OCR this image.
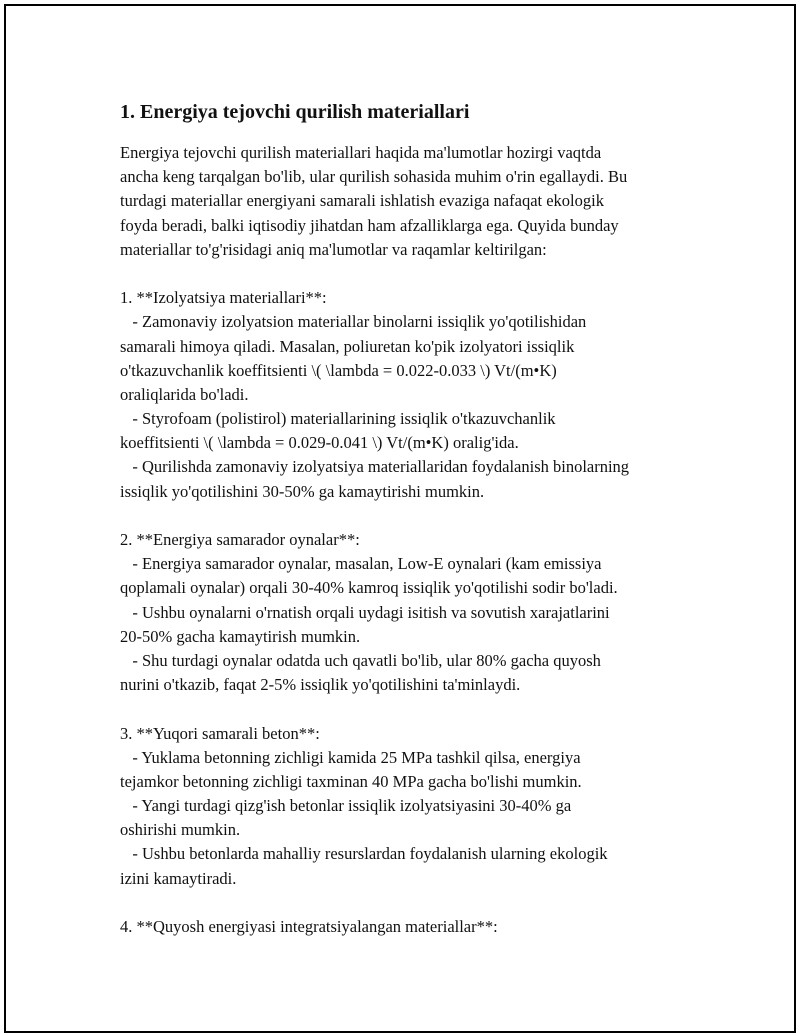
1. Energiya tejovchi qurilish materiallari
Energiya tejovchi qurilish materiallari haqida ma'lumotlar hozirgi vaqtda
ancha keng tarqalgan bo'lib, ular qurilish sohasida muhim o'rin egallaydi. Bu
turdagi materiallar energiyani samarali ishlatish evaziga nafaqat ekologik
foyda beradi, balki iqtisodiy jihatdan ham afzalliklarga ega. Quyida bunday
materiallar to'g'risidagi aniq ma'lumotlar va raqamlar keltirilgan:
1. **Izolyatsiya materiallari**:
- Zamonaviy izolyatsion materiallar binolarni issiqlik yo'qotilishidan
samarali himoya qiladi. Masalan, poliuretan ko'pik izolyatori issiqlik
o'tkazuvchanlik koeffitsienti \( \lambda = 0.022-0.033 \) Vt/(m•K)
oraliqlarida bo'ladi.
- Styrofoam (polistirol) materiallarining issiqlik o'tkazuvchanlik
koeffitsienti \( \lambda = 0.029-0.041 \) Vt/(m•K) oralig'ida.
- Qurilishda zamonaviy izolyatsiya materiallaridan foydalanish binolarning
issiqlik yo'qotilishini 30-50% ga kamaytirishi mumkin.
2. **Energiya samarador oynalar**:
- Energiya samarador oynalar, masalan, Low-E oynalari (kam emissiya
qoplamali oynalar) orqali 30-40% kamroq issiqlik yo'qotilishi sodir bo'ladi.
- Ushbu oynalarni o'rnatish orqali uydagi isitish va sovutish xarajatlarini
20-50% gacha kamaytirish mumkin.
- Shu turdagi oynalar odatda uch qavatli bo'lib, ular 80% gacha quyosh
nurini o'tkazib, faqat 2-5% issiqlik yo'qotilishini ta'minlaydi.
3. **Yuqori samarali beton**:
- Yuklama betonning zichligi kamida 25 MPa tashkil qilsa, energiya
tejamkor betonning zichligi taxminan 40 MPa gacha bo'lishi mumkin.
- Yangi turdagi qizg'ish betonlar issiqlik izolyatsiyasini 30-40% ga
oshirishi mumkin.
- Ushbu betonlarda mahalliy resurslardan foydalanish ularning ekologik
izini kamaytiradi.
4. **Quyosh energiyasi integratsiyalangan materiallar**:
